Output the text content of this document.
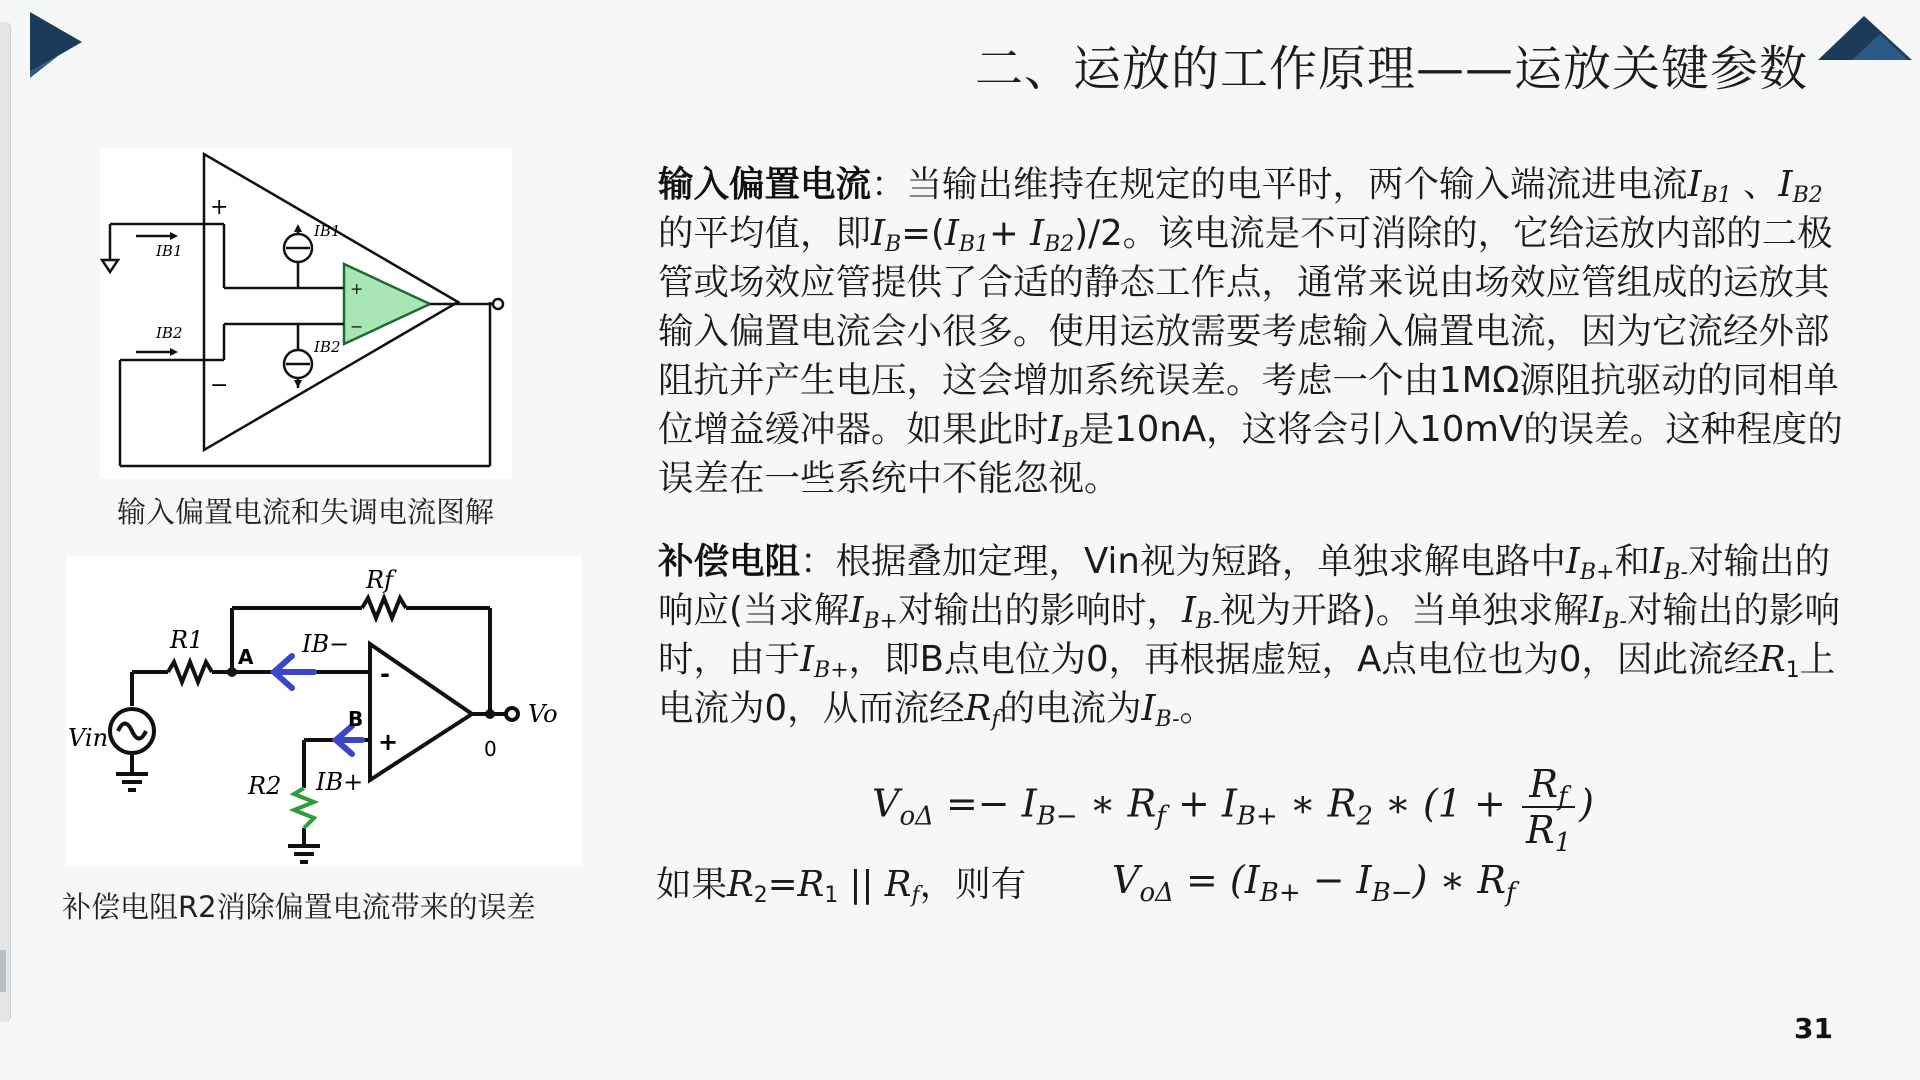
二、运放的工作原理——运放关键参数
+
−
+
−
IB1
IB2
IB1
IB2
输入偏置电流和失调电流图解
Rf
R1
R2
A
B
IB−
IB+
Vin
Vo
0
-
+
补偿电阻R2消除偏置电流带来的误差
输入偏置电流：当输出维持在规定的电平时，两个输入端流进电流$I_{B1}$ 、$I_{B2}$的平均值，即$I_B=(I_{B1}+ I_{B2})/2$。该电流是不可消除的，它给运放内部的二极管或场效应管提供了合适的静态工作点，通常来说由场效应管组成的运放其输入偏置电流会小很多。使用运放需要考虑输入偏置电流，因为它流经外部阻抗并产生电压，这会增加系统误差。考虑一个由1MΩ源阻抗驱动的同相单位增益缓冲器。如果此时$I_B$是10nA，这将会引入10mV的误差。这种程度的误差在一些系统中不能忽视。
补偿电阻：根据叠加定理，Vin视为短路，单独求解电路中$I_{B+}$和$I_{B-}$对输出的响应(当求解$I_{B+}$对输出的影响时，$I_{B-}$视为开路)。当单独求解$I_{B-}$对输出的影响时，由于$I_{B+}$，即B点电位为0，再根据虚短，A点电位也为0，因此流经$R_1$上电流为0，从而流经$R_f$的电流为$I_{B-}$。
$V_{o\Delta} =- I_{B-}$ ∗ $R_f + I_{B+}$ ∗ $R_2$ ∗ ($1 + \frac{R_f}{R_1}$ )
如果$R_2=R_1$ || $R_f$，则有 $V_{o\Delta} = (I_{B+} - I_{B-})$ ∗ $R_f$
31
